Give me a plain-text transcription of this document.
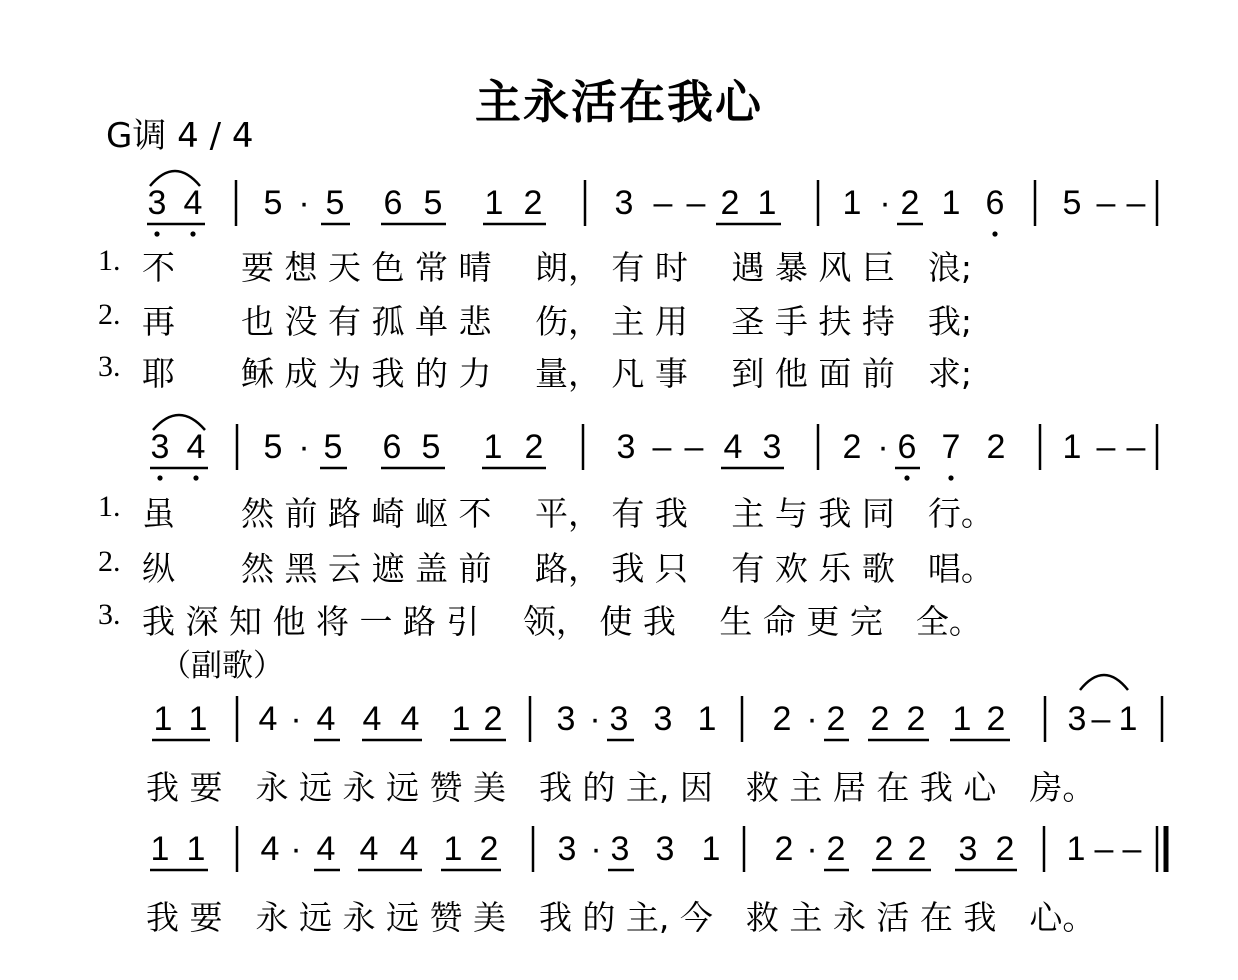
主永活在我心
G调 4 / 4
3 4 5 · 5 6 5 1 2 3 – – 2 1 1 · 2 1 6 5 – –
3 4 5 · 5 6 5 1 2 3 – – 4 3 2 · 6 7 2 1 – –
1 1 4 · 4 4 4 1 2 3 · 3 3 1 2 · 2 2 2 1 2 3 – 1
1 1 4 · 4 4 4 1 2 3 · 3 3 1 2 · 2 2 2 3 2 1 – –
1. 不　　要 想 天 色 常 晴　 朗， 有 时　 遇 暴 风 巨　浪;
2. 再　　也 没 有 孤 单 悲　 伤， 主 用　 圣 手 扶 持　我;
3. 耶　　稣 成 为 我 的 力　 量， 凡 事　 到 他 面 前　求;
1. 虽　　然 前 路 崎 岖 不　 平， 有 我　 主 与 我 同　行。
2. 纵　　然 黑 云 遮 盖 前　 路， 我 只　 有 欢 乐 歌　唱。
3. 我 深 知 他 将 一 路 引　 领， 使 我　 生 命 更 完　全。
（副歌）
我 要　永 远 永 远 赞 美　我 的 主, 因　救 主 居 在 我 心　房。
我 要　永 远 永 远 赞 美　我 的 主, 今　救 主 永 活 在 我　心。
